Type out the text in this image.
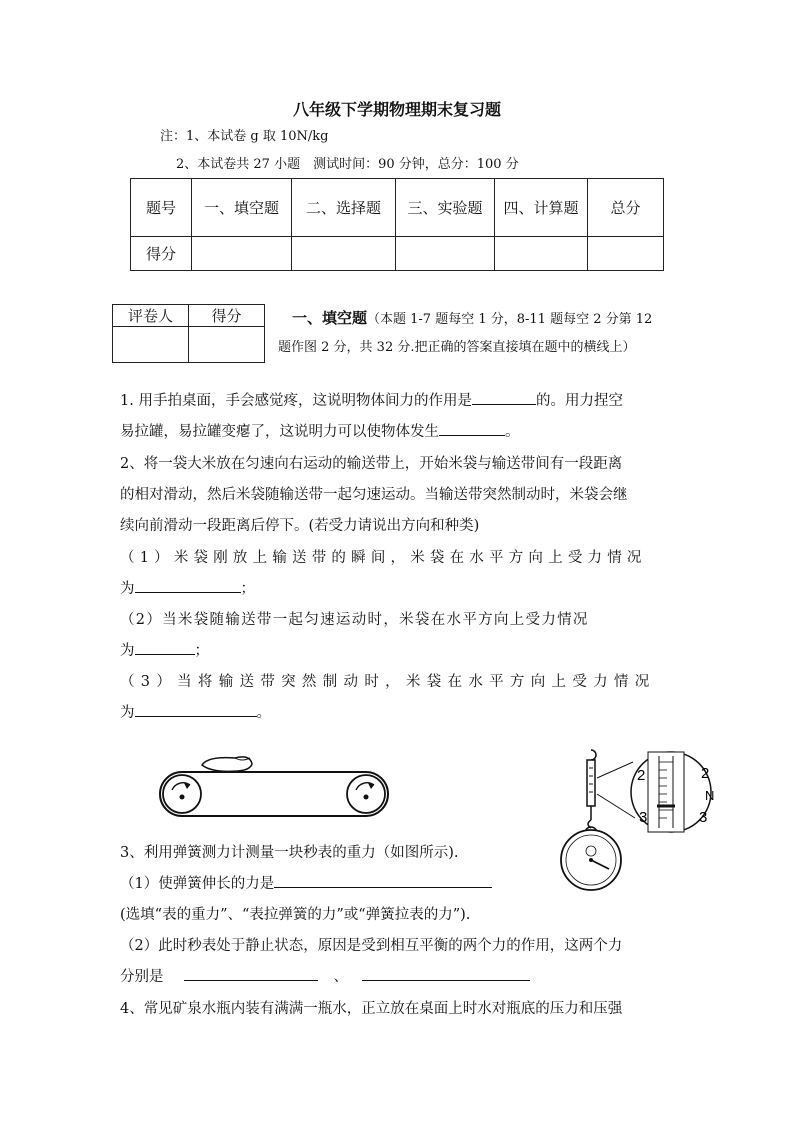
八年级下学期物理期末复习题
注：1、本试卷 g 取 10N/kg
2、本试卷共 27 小题　测试时间：90 分钟，总分：100 分
题号	一、填空题	二、选择题	三、实验题	四、计算题	总分
得分					
评卷人	得分
		一、填空题（本题 1-7 题每空 1 分，8-11 题每空 2 分第 12
题作图 2 分，共 32 分.把正确的答案直接填在题中的横线上）
1. 用手拍桌面，手会感觉疼，这说明物体间力的作用是	的。用力捏空
易拉罐，易拉罐变瘪了，这说明力可以使物体发生	。
2、将一袋大米放在匀速向右运动的输送带上，开始米袋与输送带间有一段距离
的相对滑动，然后米袋随输送带一起匀速运动。当输送带突然制动时，米袋会继
续向前滑动一段距离后停下。(若受力请说出方向和种类)
（1）米袋刚放上输送带的瞬间，米袋在水平方向上受力情况
为	；
（2）当米袋随输送带一起匀速运动时，米袋在水平方向上受力情况
为	；
（3）当将输送带突然制动时，米袋在水平方向上受力情况
为	。
2	2
3	3
N
3、利用弹簧测力计测量一块秒表的重力（如图所示).
（1）使弹簧伸长的力是
(选填“表的重力”、“表拉弹簧的力”或“弹簧拉表的力”).
（2）此时秒表处于静止状态，原因是受到相互平衡的两个力的作用，这两个力
分别是	、
4、常见矿泉水瓶内装有满满一瓶水，正立放在桌面上时水对瓶底的压力和压强
